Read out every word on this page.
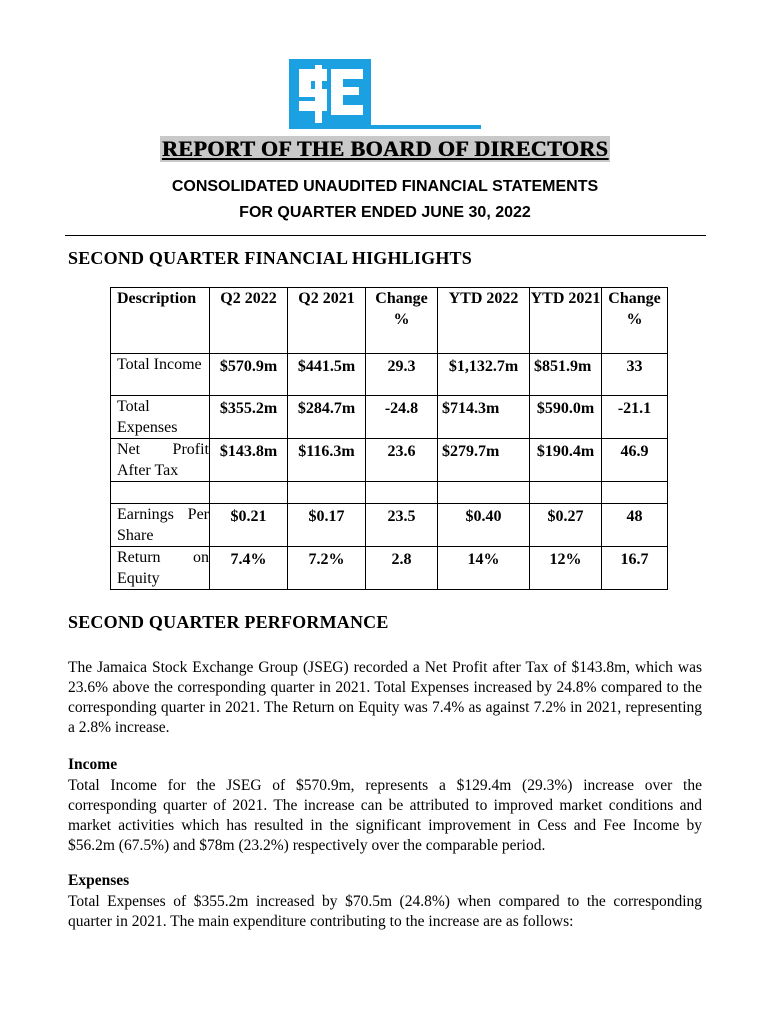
REPORT OF THE BOARD OF DIRECTORS
CONSOLIDATED UNAUDITED FINANCIAL STATEMENTS
FOR QUARTER ENDED JUNE 30, 2022
SECOND QUARTER FINANCIAL HIGHLIGHTS
Description	Q2 2022	Q2 2021	Change %	YTD 2022	YTD 2021	Change %
Total Income	$570.9m	$441.5m	29.3	$1,132.7m	$851.9m	33
Total Expenses	$355.2m	$284.7m	-24.8	$714.3m	$590.0m	-21.1
Net Profit After Tax	$143.8m	$116.3m	23.6	$279.7m	$190.4m	46.9

Earnings Per Share	$0.21	$0.17	23.5	$0.40	$0.27	48
Return on Equity	7.4%	7.2%	2.8	14%	12%	16.7
SECOND QUARTER PERFORMANCE

The Jamaica Stock Exchange Group (JSEG) recorded a Net Profit after Tax of $143.8m, which was 23.6% above the corresponding quarter in 2021. Total Expenses increased by 24.8% compared to the corresponding quarter in 2021. The Return on Equity was 7.4% as against 7.2% in 2021, representing a 2.8% increase.

Income

Total Income for the JSEG of $570.9m, represents a $129.4m (29.3%) increase over the corresponding quarter of 2021. The increase can be attributed to improved market conditions and market activities which has resulted in the significant improvement in Cess and Fee Income by $56.2m (67.5%) and $78m (23.2%) respectively over the comparable period.

Expenses

Total Expenses of $355.2m increased by $70.5m (24.8%) when compared to the corresponding quarter in 2021. The main expenditure contributing to the increase are as follows:
